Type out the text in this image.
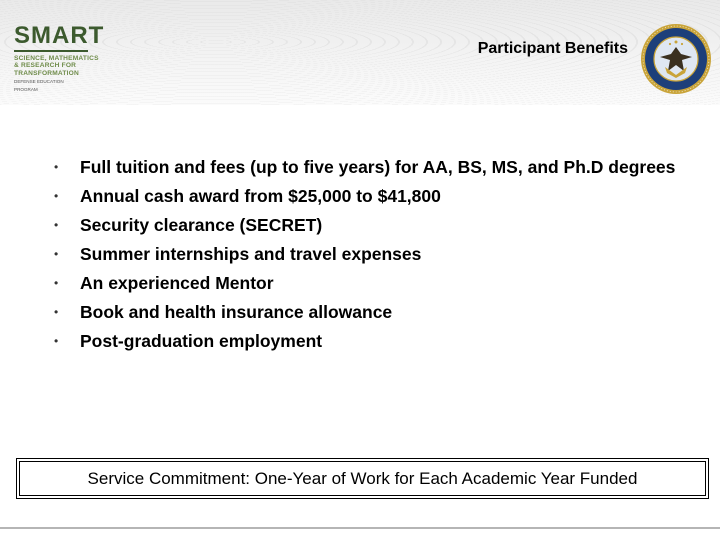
SMART
SCIENCE, MATHEMATICS
& RESEARCH FOR
TRANSFORMATION
DEFENSE EDUCATION
PROGRAM
Participant Benefits
• Full tuition and fees (up to five years) for AA, BS, MS, and Ph.D degrees
• Annual cash award from $25,000 to $41,800
• Security clearance (SECRET)
• Summer internships and travel expenses
• An experienced Mentor
• Book and health insurance allowance
• Post-graduation employment
Service Commitment: One-Year of Work for Each Academic Year Funded
